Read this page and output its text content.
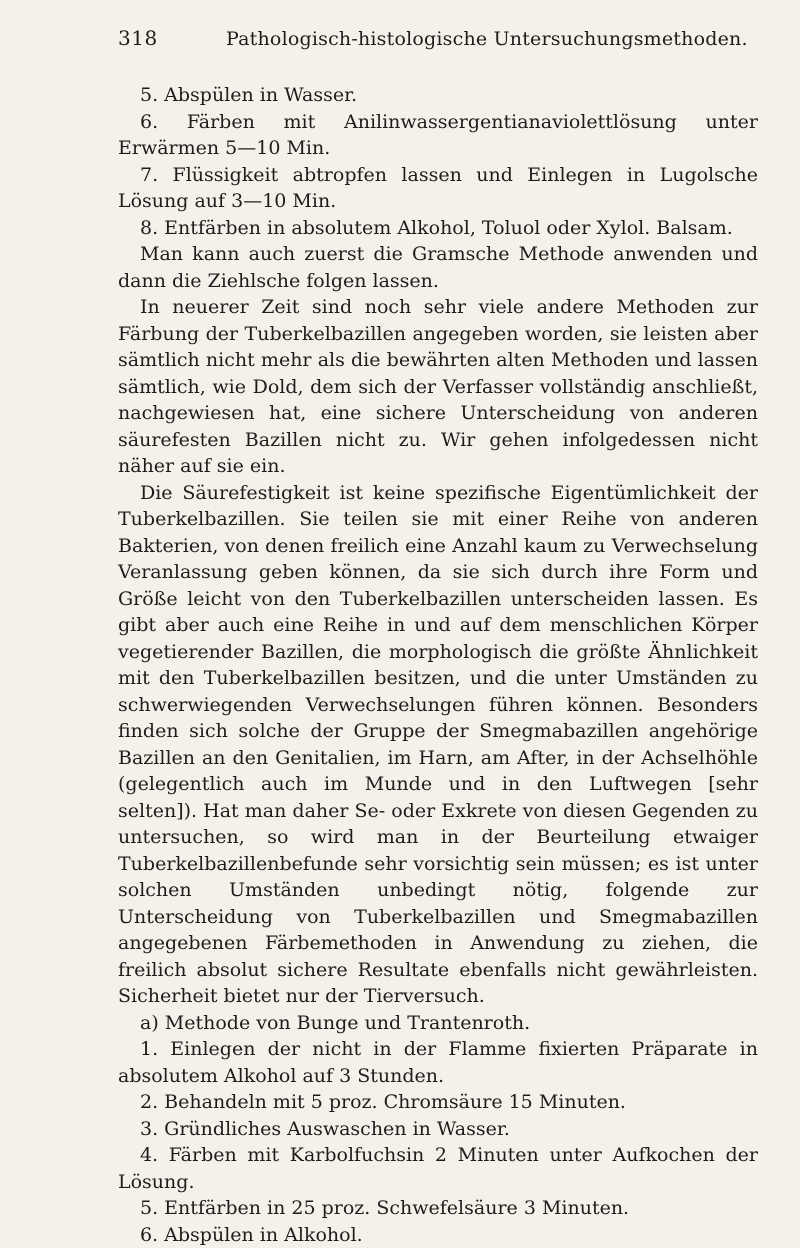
318	Pathologisch-histologische Untersuchungsmethoden.

5. Abspülen in Wasser.

6. Färben mit Anilinwassergentianaviolettlösung unter Erwärmen 5—10 Min.

7. Flüssigkeit abtropfen lassen und Einlegen in Lugolsche Lösung auf 3—10 Min.

8. Entfärben in absolutem Alkohol, Toluol oder Xylol. Balsam.

Man kann auch zuerst die Gramsche Methode anwenden und dann die Ziehlsche folgen lassen.

In neuerer Zeit sind noch sehr viele andere Methoden zur Färbung der Tuberkelbazillen angegeben worden, sie leisten aber sämtlich nicht mehr als die bewährten alten Methoden und lassen sämtlich, wie Dold, dem sich der Verfasser vollständig anschließt, nachgewiesen hat, eine sichere Unterscheidung von anderen säurefesten Bazillen nicht zu. Wir gehen infolgedessen nicht näher auf sie ein.

Die Säurefestigkeit ist keine spezifische Eigentümlichkeit der Tuberkelbazillen. Sie teilen sie mit einer Reihe von anderen Bakterien, von denen freilich eine Anzahl kaum zu Verwechselung Veranlassung geben können, da sie sich durch ihre Form und Größe leicht von den Tuberkelbazillen unterscheiden lassen. Es gibt aber auch eine Reihe in und auf dem menschlichen Körper vegetierender Bazillen, die morphologisch die größte Ähnlichkeit mit den Tuberkelbazillen besitzen, und die unter Umständen zu schwerwiegenden Verwechselungen führen können. Besonders finden sich solche der Gruppe der Smegmabazillen angehörige Bazillen an den Genitalien, im Harn, am After, in der Achselhöhle (gelegentlich auch im Munde und in den Luftwegen [sehr selten]). Hat man daher Se- oder Exkrete von diesen Gegenden zu untersuchen, so wird man in der Beurteilung etwaiger Tuberkelbazillenbefunde sehr vorsichtig sein müssen; es ist unter solchen Umständen unbedingt nötig, folgende zur Unterscheidung von Tuberkelbazillen und Smegmabazillen angegebenen Färbemethoden in Anwendung zu ziehen, die freilich absolut sichere Resultate ebenfalls nicht gewährleisten. Sicherheit bietet nur der Tierversuch.

a) Methode von Bunge und Trantenroth.

1. Einlegen der nicht in der Flamme fixierten Präparate in absolutem Alkohol auf 3 Stunden.

2. Behandeln mit 5 proz. Chromsäure 15 Minuten.

3. Gründliches Auswaschen in Wasser.

4. Färben mit Karbolfuchsin 2 Minuten unter Aufkochen der Lösung.

5. Entfärben in 25 proz. Schwefelsäure 3 Minuten.

6. Abspülen in Alkohol.
